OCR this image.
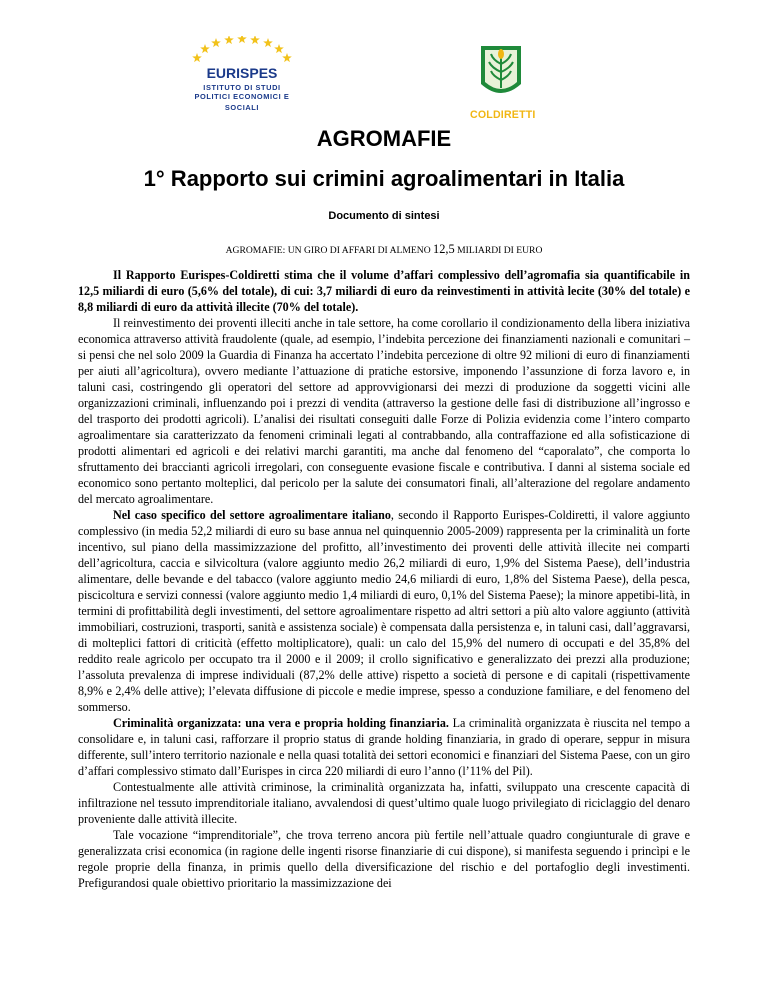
EURISPES
ISTITUTO DI STUDI
POLITICI ECONOMICI E SOCIALI
COLDIRETTI
AGROMAFIE
1° Rapporto sui crimini agroalimentari in Italia
Documento di sintesi
AGROMAFIE: UN GIRO DI AFFARI DI ALMENO 12,5 MILIARDI DI EURO

Il Rapporto Eurispes-Coldiretti stima che il volume d’affari complessivo dell’agromafia sia quantificabile in 12,5 miliardi di euro (5,6% del totale), di cui: 3,7 miliardi di euro da reinvestimenti in attività lecite (30% del totale) e 8,8 miliardi di euro da attività illecite (70% del totale).

Il reinvestimento dei proventi illeciti anche in tale settore, ha come corollario il condizionamento della libera iniziativa economica attraverso attività fraudolente (quale, ad esempio, l’indebita percezione dei finanziamenti nazionali e comunitari – si pensi che nel solo 2009 la Guardia di Finanza ha accertato l’indebita percezione di oltre 92 milioni di euro di finanziamenti per aiuti all’agricoltura), ovvero mediante l’attuazione di pratiche estorsive, imponendo l’assunzione di forza lavoro e, in taluni casi, costringendo gli operatori del settore ad approvvigionarsi dei mezzi di produzione da soggetti vicini alle organizzazioni criminali, influenzando poi i prezzi di vendita (attraverso la gestione delle fasi di distribuzione all’ingrosso e del trasporto dei prodotti agricoli). L’analisi dei risultati conseguiti dalle Forze di Polizia evidenzia come l’intero comparto agroalimentare sia caratterizzato da fenomeni criminali legati al contrabbando, alla contraffazione ed alla sofisticazione di prodotti alimentari ed agricoli e dei relativi marchi garantiti, ma anche dal fenomeno del “caporalato”, che comporta lo sfruttamento dei braccianti agricoli irregolari, con conseguente evasione fiscale e contributiva. I danni al sistema sociale ed economico sono pertanto molteplici, dal pericolo per la salute dei consumatori finali, all’alterazione del regolare andamento del mercato agroalimentare.

Nel caso specifico del settore agroalimentare italiano, secondo il Rapporto Eurispes-Coldiretti, il valore aggiunto complessivo (in media 52,2 miliardi di euro su base annua nel quinquennio 2005-2009) rappresenta per la criminalità un forte incentivo, sul piano della massimizzazione del profitto, all’investimento dei proventi delle attività illecite nei comparti dell’agricoltura, caccia e silvicoltura (valore aggiunto medio 26,2 miliardi di euro, 1,9% del Sistema Paese), dell’industria alimentare, delle bevande e del tabacco (valore aggiunto medio 24,6 miliardi di euro, 1,8% del Sistema Paese), della pesca, piscicoltura e servizi connessi (valore aggiunto medio 1,4 miliardi di euro, 0,1% del Sistema Paese); la minore appetibi-lità, in termini di profittabilità degli investimenti, del settore agroalimentare rispetto ad altri settori a più alto valore aggiunto (attività immobiliari, costruzioni, trasporti, sanità e assistenza sociale) è compensata dalla persistenza e, in taluni casi, dall’aggravarsi, di molteplici fattori di criticità (effetto moltiplicatore), quali: un calo del 15,9% del numero di occupati e del 35,8% del reddito reale agricolo per occupato tra il 2000 e il 2009; il crollo significativo e generalizzato dei prezzi alla produzione; l’assoluta prevalenza di imprese individuali (87,2% delle attive) rispetto a società di persone e di capitali (rispettivamente 8,9% e 2,4% delle attive); l’elevata diffusione di piccole e medie imprese, spesso a conduzione familiare, e del fenomeno del sommerso.

Criminalità organizzata: una vera e propria holding finanziaria. La criminalità organizzata è riuscita nel tempo a consolidare e, in taluni casi, rafforzare il proprio status di grande holding finanziaria, in grado di operare, seppur in misura differente, sull’intero territorio nazionale e nella quasi totalità dei settori economici e finanziari del Sistema Paese, con un giro d’affari complessivo stimato dall’Eurispes in circa 220 miliardi di euro l’anno (l’11% del Pil).

Contestualmente alle attività criminose, la criminalità organizzata ha, infatti, sviluppato una crescente capacità di infiltrazione nel tessuto imprenditoriale italiano, avvalendosi di quest’ultimo quale luogo privilegiato di riciclaggio del denaro proveniente dalle attività illecite.

Tale vocazione “imprenditoriale”, che trova terreno ancora più fertile nell’attuale quadro congiunturale di grave e generalizzata crisi economica (in ragione delle ingenti risorse finanziarie di cui dispone), si manifesta seguendo i princìpi e le regole proprie della finanza, in primis quello della diversificazione del rischio e del portafoglio degli investimenti. Prefigurandosi quale obiettivo prioritario la massimizzazione dei
